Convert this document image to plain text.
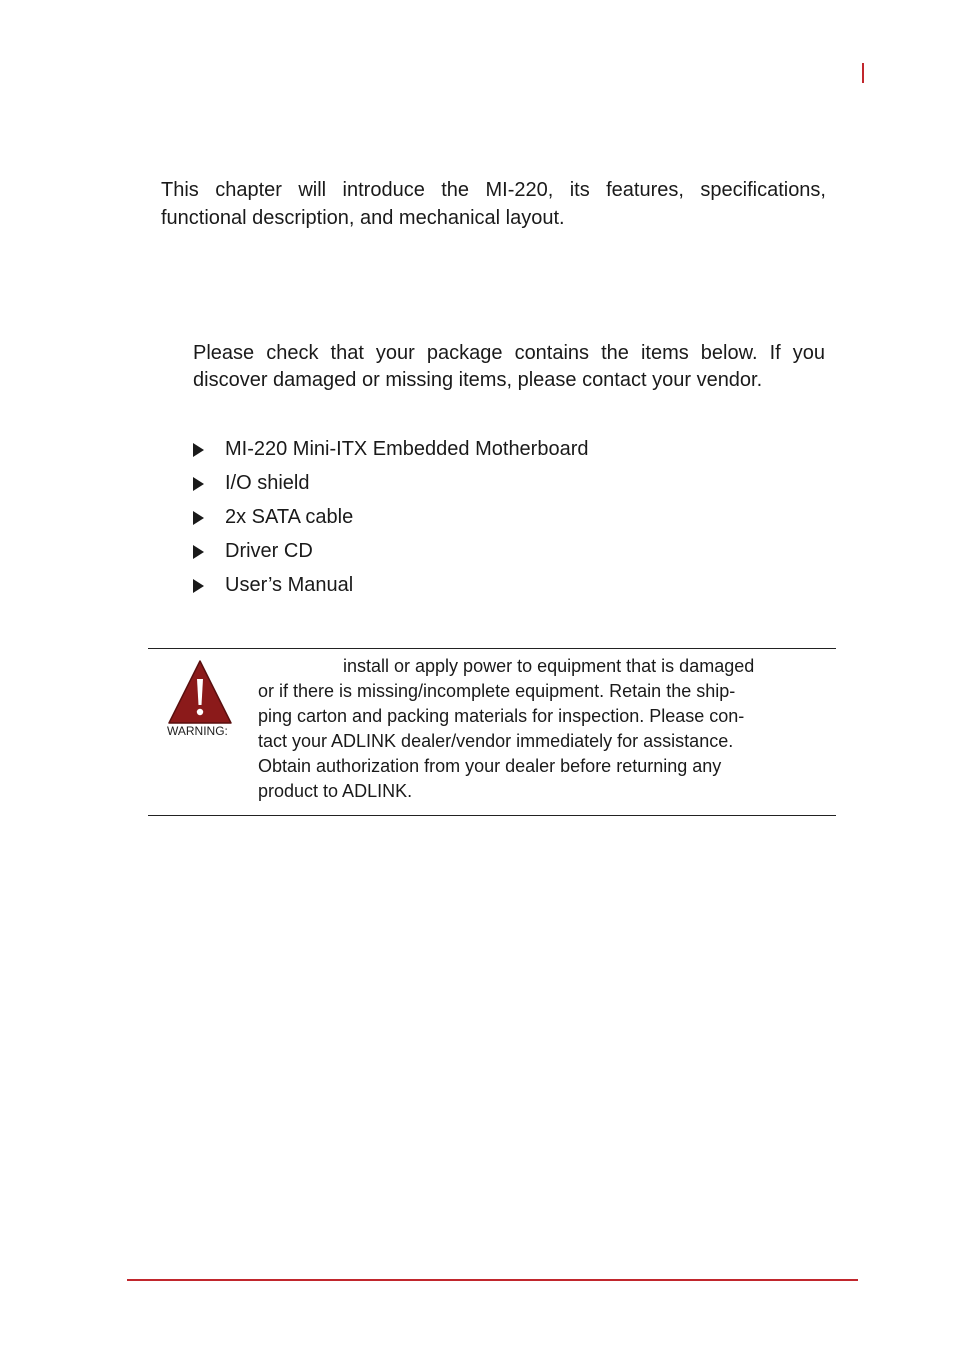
This chapter will introduce the MI-220, its features, specifications, functional description, and mechanical layout.

Please check that your package contains the items below. If you discover damaged or missing items, please contact your vendor.

MI-220 Mini-ITX Embedded Motherboard
I/O shield
2x SATA cable
Driver CD
User’s Manual
WARNING:

install or apply power to equipment that is damaged
or if there is missing/incomplete equipment. Retain the ship-
ping carton and packing materials for inspection. Please con-
tact your ADLINK dealer/vendor immediately for assistance.
Obtain authorization from your dealer before returning any
product to ADLINK.
